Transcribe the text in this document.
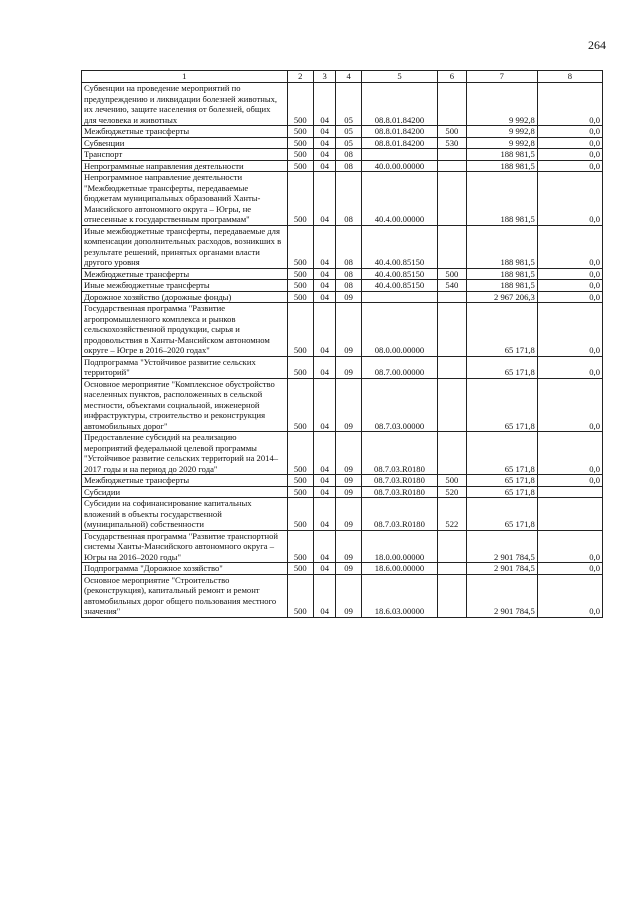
264
1	2	3	4	5	6	7	8
Субвенции на проведение мероприятий по предупреждению и ликвидации болезней животных, их лечению, защите населения от болезней, общих для человека и животных	500	04	05	08.8.01.84200		9 992,8	0,0
Межбюджетные трансферты	500	04	05	08.8.01.84200	500	9 992,8	0,0
Субвенции	500	04	05	08.8.01.84200	530	9 992,8	0,0
Транспорт	500	04	08			188 981,5	0,0
Непрограммные направления деятельности	500	04	08	40.0.00.00000		188 981,5	0,0
Непрограммное направление деятельности "Межбюджетные трансферты, передаваемые бюджетам муниципальных образований Ханты-Мансийского автономного округа – Югры, не отнесенные к государственным программам"	500	04	08	40.4.00.00000		188 981,5	0,0
Иные межбюджетные трансферты, передаваемые для компенсации дополнительных расходов, возникших в результате решений, принятых органами власти другого уровня	500	04	08	40.4.00.85150		188 981,5	0,0
Межбюджетные трансферты	500	04	08	40.4.00.85150	500	188 981,5	0,0
Иные межбюджетные трансферты	500	04	08	40.4.00.85150	540	188 981,5	0,0
Дорожное хозяйство (дорожные фонды)	500	04	09			2 967 206,3	0,0
Государственная программа "Развитие агропромышленного комплекса и рынков сельскохозяйственной продукции, сырья и продовольствия в Ханты-Мансийском автономном округе – Югре в 2016–2020 годах"	500	04	09	08.0.00.00000		65 171,8	0,0
Подпрограмма "Устойчивое развитие сельских территорий"	500	04	09	08.7.00.00000		65 171,8	0,0
Основное мероприятие "Комплексное обустройство населенных пунктов, расположенных в сельской местности, объектами социальной, инженерной инфраструктуры, строительство и реконструкция автомобильных дорог"	500	04	09	08.7.03.00000		65 171,8	0,0
Предоставление субсидий на реализацию мероприятий федеральной целевой программы "Устойчивое развитие сельских территорий на 2014–2017 годы и на период до 2020 года"	500	04	09	08.7.03.R0180		65 171,8	0,0
Межбюджетные трансферты	500	04	09	08.7.03.R0180	500	65 171,8	0,0
Субсидии	500	04	09	08.7.03.R0180	520	65 171,8	
Субсидии на софинансирование капитальных вложений в объекты государственной (муниципальной) собственности	500	04	09	08.7.03.R0180	522	65 171,8	
Государственная программа "Развитие транспортной системы Ханты-Мансийского автономного округа – Югры на 2016–2020 годы"	500	04	09	18.0.00.00000		2 901 784,5	0,0
Подпрограмма "Дорожное хозяйство"	500	04	09	18.6.00.00000		2 901 784,5	0,0
Основное мероприятие "Строительство (реконструкция), капитальный ремонт и ремонт автомобильных дорог общего пользования местного значения"	500	04	09	18.6.03.00000		2 901 784,5	0,0
